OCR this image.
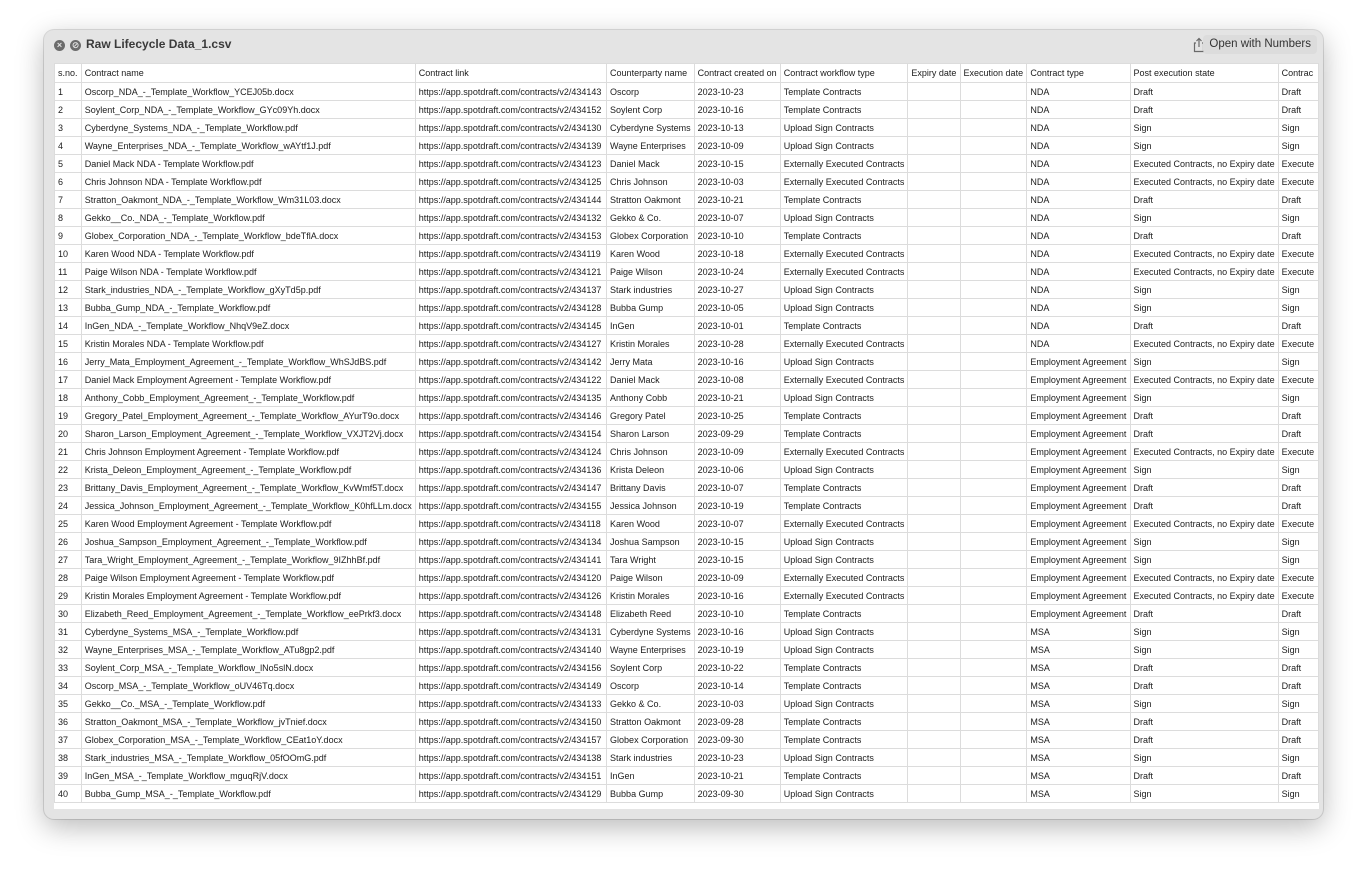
× ⊘ Raw Lifecycle Data_1.csv	Open with Numbers
s.no.	Contract name	Contract link	Counterparty name	Contract created on	Contract workflow type	Expiry date	Execution date	Contract type	Post execution state	Contrac
1	Oscorp_NDA_-_Template_Workflow_YCEJ05b.docx	https://app.spotdraft.com/contracts/v2/434143	Oscorp	2023-10-23	Template Contracts			NDA	Draft	Draft
2	Soylent_Corp_NDA_-_Template_Workflow_GYc09Yh.docx	https://app.spotdraft.com/contracts/v2/434152	Soylent Corp	2023-10-16	Template Contracts			NDA	Draft	Draft
3	Cyberdyne_Systems_NDA_-_Template_Workflow.pdf	https://app.spotdraft.com/contracts/v2/434130	Cyberdyne Systems	2023-10-13	Upload Sign Contracts			NDA	Sign	Sign
4	Wayne_Enterprises_NDA_-_Template_Workflow_wAYtf1J.pdf	https://app.spotdraft.com/contracts/v2/434139	Wayne Enterprises	2023-10-09	Upload Sign Contracts			NDA	Sign	Sign
5	Daniel Mack NDA - Template Workflow.pdf	https://app.spotdraft.com/contracts/v2/434123	Daniel Mack	2023-10-15	Externally Executed Contracts			NDA	Executed Contracts, no Expiry date	Execute
6	Chris Johnson NDA - Template Workflow.pdf	https://app.spotdraft.com/contracts/v2/434125	Chris Johnson	2023-10-03	Externally Executed Contracts			NDA	Executed Contracts, no Expiry date	Execute
7	Stratton_Oakmont_NDA_-_Template_Workflow_Wm31L03.docx	https://app.spotdraft.com/contracts/v2/434144	Stratton Oakmont	2023-10-21	Template Contracts			NDA	Draft	Draft
8	Gekko__Co._NDA_-_Template_Workflow.pdf	https://app.spotdraft.com/contracts/v2/434132	Gekko & Co.	2023-10-07	Upload Sign Contracts			NDA	Sign	Sign
9	Globex_Corporation_NDA_-_Template_Workflow_bdeTflA.docx	https://app.spotdraft.com/contracts/v2/434153	Globex Corporation	2023-10-10	Template Contracts			NDA	Draft	Draft
10	Karen Wood NDA - Template Workflow.pdf	https://app.spotdraft.com/contracts/v2/434119	Karen Wood	2023-10-18	Externally Executed Contracts			NDA	Executed Contracts, no Expiry date	Execute
11	Paige Wilson NDA - Template Workflow.pdf	https://app.spotdraft.com/contracts/v2/434121	Paige Wilson	2023-10-24	Externally Executed Contracts			NDA	Executed Contracts, no Expiry date	Execute
12	Stark_industries_NDA_-_Template_Workflow_gXyTd5p.pdf	https://app.spotdraft.com/contracts/v2/434137	Stark industries	2023-10-27	Upload Sign Contracts			NDA	Sign	Sign
13	Bubba_Gump_NDA_-_Template_Workflow.pdf	https://app.spotdraft.com/contracts/v2/434128	Bubba Gump	2023-10-05	Upload Sign Contracts			NDA	Sign	Sign
14	InGen_NDA_-_Template_Workflow_NhqV9eZ.docx	https://app.spotdraft.com/contracts/v2/434145	InGen	2023-10-01	Template Contracts			NDA	Draft	Draft
15	Kristin Morales NDA - Template Workflow.pdf	https://app.spotdraft.com/contracts/v2/434127	Kristin Morales	2023-10-28	Externally Executed Contracts			NDA	Executed Contracts, no Expiry date	Execute
16	Jerry_Mata_Employment_Agreement_-_Template_Workflow_WhSJdBS.pdf	https://app.spotdraft.com/contracts/v2/434142	Jerry Mata	2023-10-16	Upload Sign Contracts			Employment Agreement	Sign	Sign
17	Daniel Mack Employment Agreement - Template Workflow.pdf	https://app.spotdraft.com/contracts/v2/434122	Daniel Mack	2023-10-08	Externally Executed Contracts			Employment Agreement	Executed Contracts, no Expiry date	Execute
18	Anthony_Cobb_Employment_Agreement_-_Template_Workflow.pdf	https://app.spotdraft.com/contracts/v2/434135	Anthony Cobb	2023-10-21	Upload Sign Contracts			Employment Agreement	Sign	Sign
19	Gregory_Patel_Employment_Agreement_-_Template_Workflow_AYurT9o.docx	https://app.spotdraft.com/contracts/v2/434146	Gregory Patel	2023-10-25	Template Contracts			Employment Agreement	Draft	Draft
20	Sharon_Larson_Employment_Agreement_-_Template_Workflow_VXJT2Vj.docx	https://app.spotdraft.com/contracts/v2/434154	Sharon Larson	2023-09-29	Template Contracts			Employment Agreement	Draft	Draft
21	Chris Johnson Employment Agreement - Template Workflow.pdf	https://app.spotdraft.com/contracts/v2/434124	Chris Johnson	2023-10-09	Externally Executed Contracts			Employment Agreement	Executed Contracts, no Expiry date	Execute
22	Krista_Deleon_Employment_Agreement_-_Template_Workflow.pdf	https://app.spotdraft.com/contracts/v2/434136	Krista Deleon	2023-10-06	Upload Sign Contracts			Employment Agreement	Sign	Sign
23	Brittany_Davis_Employment_Agreement_-_Template_Workflow_KvWmf5T.docx	https://app.spotdraft.com/contracts/v2/434147	Brittany Davis	2023-10-07	Template Contracts			Employment Agreement	Draft	Draft
24	Jessica_Johnson_Employment_Agreement_-_Template_Workflow_K0hfLLm.docx	https://app.spotdraft.com/contracts/v2/434155	Jessica Johnson	2023-10-19	Template Contracts			Employment Agreement	Draft	Draft
25	Karen Wood Employment Agreement - Template Workflow.pdf	https://app.spotdraft.com/contracts/v2/434118	Karen Wood	2023-10-07	Externally Executed Contracts			Employment Agreement	Executed Contracts, no Expiry date	Execute
26	Joshua_Sampson_Employment_Agreement_-_Template_Workflow.pdf	https://app.spotdraft.com/contracts/v2/434134	Joshua Sampson	2023-10-15	Upload Sign Contracts			Employment Agreement	Sign	Sign
27	Tara_Wright_Employment_Agreement_-_Template_Workflow_9IZhhBf.pdf	https://app.spotdraft.com/contracts/v2/434141	Tara Wright	2023-10-15	Upload Sign Contracts			Employment Agreement	Sign	Sign
28	Paige Wilson Employment Agreement - Template Workflow.pdf	https://app.spotdraft.com/contracts/v2/434120	Paige Wilson	2023-10-09	Externally Executed Contracts			Employment Agreement	Executed Contracts, no Expiry date	Execute
29	Kristin Morales Employment Agreement - Template Workflow.pdf	https://app.spotdraft.com/contracts/v2/434126	Kristin Morales	2023-10-16	Externally Executed Contracts			Employment Agreement	Executed Contracts, no Expiry date	Execute
30	Elizabeth_Reed_Employment_Agreement_-_Template_Workflow_eePrkf3.docx	https://app.spotdraft.com/contracts/v2/434148	Elizabeth Reed	2023-10-10	Template Contracts			Employment Agreement	Draft	Draft
31	Cyberdyne_Systems_MSA_-_Template_Workflow.pdf	https://app.spotdraft.com/contracts/v2/434131	Cyberdyne Systems	2023-10-16	Upload Sign Contracts			MSA	Sign	Sign
32	Wayne_Enterprises_MSA_-_Template_Workflow_ATu8gp2.pdf	https://app.spotdraft.com/contracts/v2/434140	Wayne Enterprises	2023-10-19	Upload Sign Contracts			MSA	Sign	Sign
33	Soylent_Corp_MSA_-_Template_Workflow_lNo5slN.docx	https://app.spotdraft.com/contracts/v2/434156	Soylent Corp	2023-10-22	Template Contracts			MSA	Draft	Draft
34	Oscorp_MSA_-_Template_Workflow_oUV46Tq.docx	https://app.spotdraft.com/contracts/v2/434149	Oscorp	2023-10-14	Template Contracts			MSA	Draft	Draft
35	Gekko__Co._MSA_-_Template_Workflow.pdf	https://app.spotdraft.com/contracts/v2/434133	Gekko & Co.	2023-10-03	Upload Sign Contracts			MSA	Sign	Sign
36	Stratton_Oakmont_MSA_-_Template_Workflow_jvTnief.docx	https://app.spotdraft.com/contracts/v2/434150	Stratton Oakmont	2023-09-28	Template Contracts			MSA	Draft	Draft
37	Globex_Corporation_MSA_-_Template_Workflow_CEat1oY.docx	https://app.spotdraft.com/contracts/v2/434157	Globex Corporation	2023-09-30	Template Contracts			MSA	Draft	Draft
38	Stark_industries_MSA_-_Template_Workflow_05fOOmG.pdf	https://app.spotdraft.com/contracts/v2/434138	Stark industries	2023-10-23	Upload Sign Contracts			MSA	Sign	Sign
39	InGen_MSA_-_Template_Workflow_mguqRjV.docx	https://app.spotdraft.com/contracts/v2/434151	InGen	2023-10-21	Template Contracts			MSA	Draft	Draft
40	Bubba_Gump_MSA_-_Template_Workflow.pdf	https://app.spotdraft.com/contracts/v2/434129	Bubba Gump	2023-09-30	Upload Sign Contracts			MSA	Sign	Sign
